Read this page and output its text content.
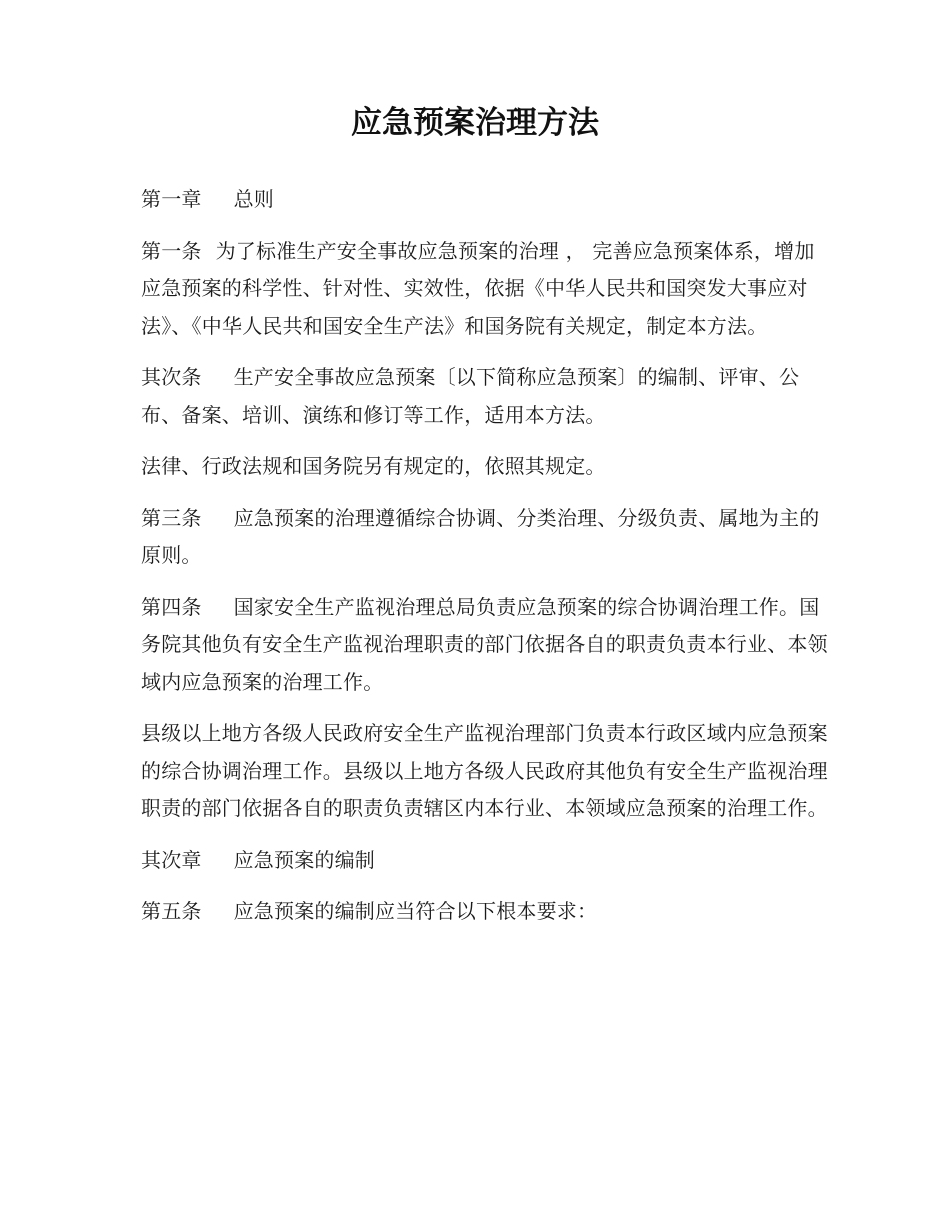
应急预案治理方法

第一章 总则

第一条 为了标准生产安全事故应急预案的治理 ， 完善应急预案体系，增加应急预案的科学性、针对性、实效性，依据《中华人民共和国突发大事应对法》、《中华人民共和国安全生产法》和国务院有关规定，制定本方法。

其次条 生产安全事故应急预案〔以下简称应急预案〕的编制、评审、公布、备案、培训、演练和修订等工作，适用本方法。

法律、行政法规和国务院另有规定的，依照其规定。

第三条 应急预案的治理遵循综合协调、分类治理、分级负责、属地为主的原则。

第四条 国家安全生产监视治理总局负责应急预案的综合协调治理工作。国务院其他负有安全生产监视治理职责的部门依据各自的职责负责本行业、本领域内应急预案的治理工作。

县级以上地方各级人民政府安全生产监视治理部门负责本行政区域内应急预案的综合协调治理工作。县级以上地方各级人民政府其他负有安全生产监视治理职责的部门依据各自的职责负责辖区内本行业、本领域应急预案的治理工作。

其次章 应急预案的编制

第五条 应急预案的编制应当符合以下根本要求：
